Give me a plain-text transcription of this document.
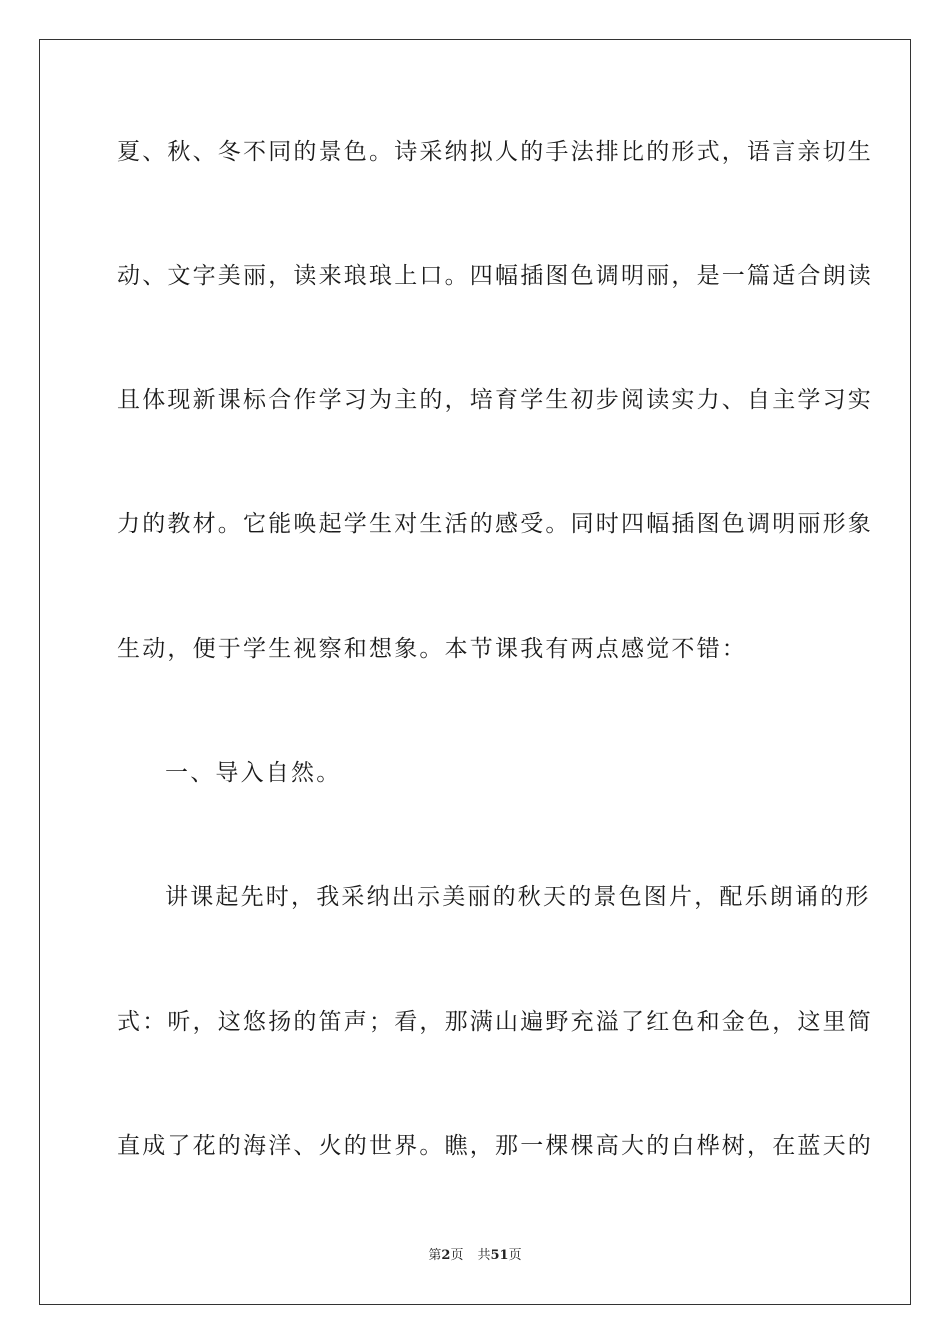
夏、秋、冬不同的景色。诗采纳拟人的手法排比的形式，语言亲切生
动、文字美丽，读来琅琅上口。四幅插图色调明丽，是一篇适合朗读
且体现新课标合作学习为主的，培育学生初步阅读实力、自主学习实
力的教材。它能唤起学生对生活的感受。同时四幅插图色调明丽形象
生动，便于学生视察和想象。本节课我有两点感觉不错：
一、导入自然。
讲课起先时，我采纳出示美丽的秋天的景色图片，配乐朗诵的形
式：听，这悠扬的笛声；看，那满山遍野充溢了红色和金色，这里简
直成了花的海洋、火的世界。瞧，那一棵棵高大的白桦树，在蓝天的
第2页 共51页
